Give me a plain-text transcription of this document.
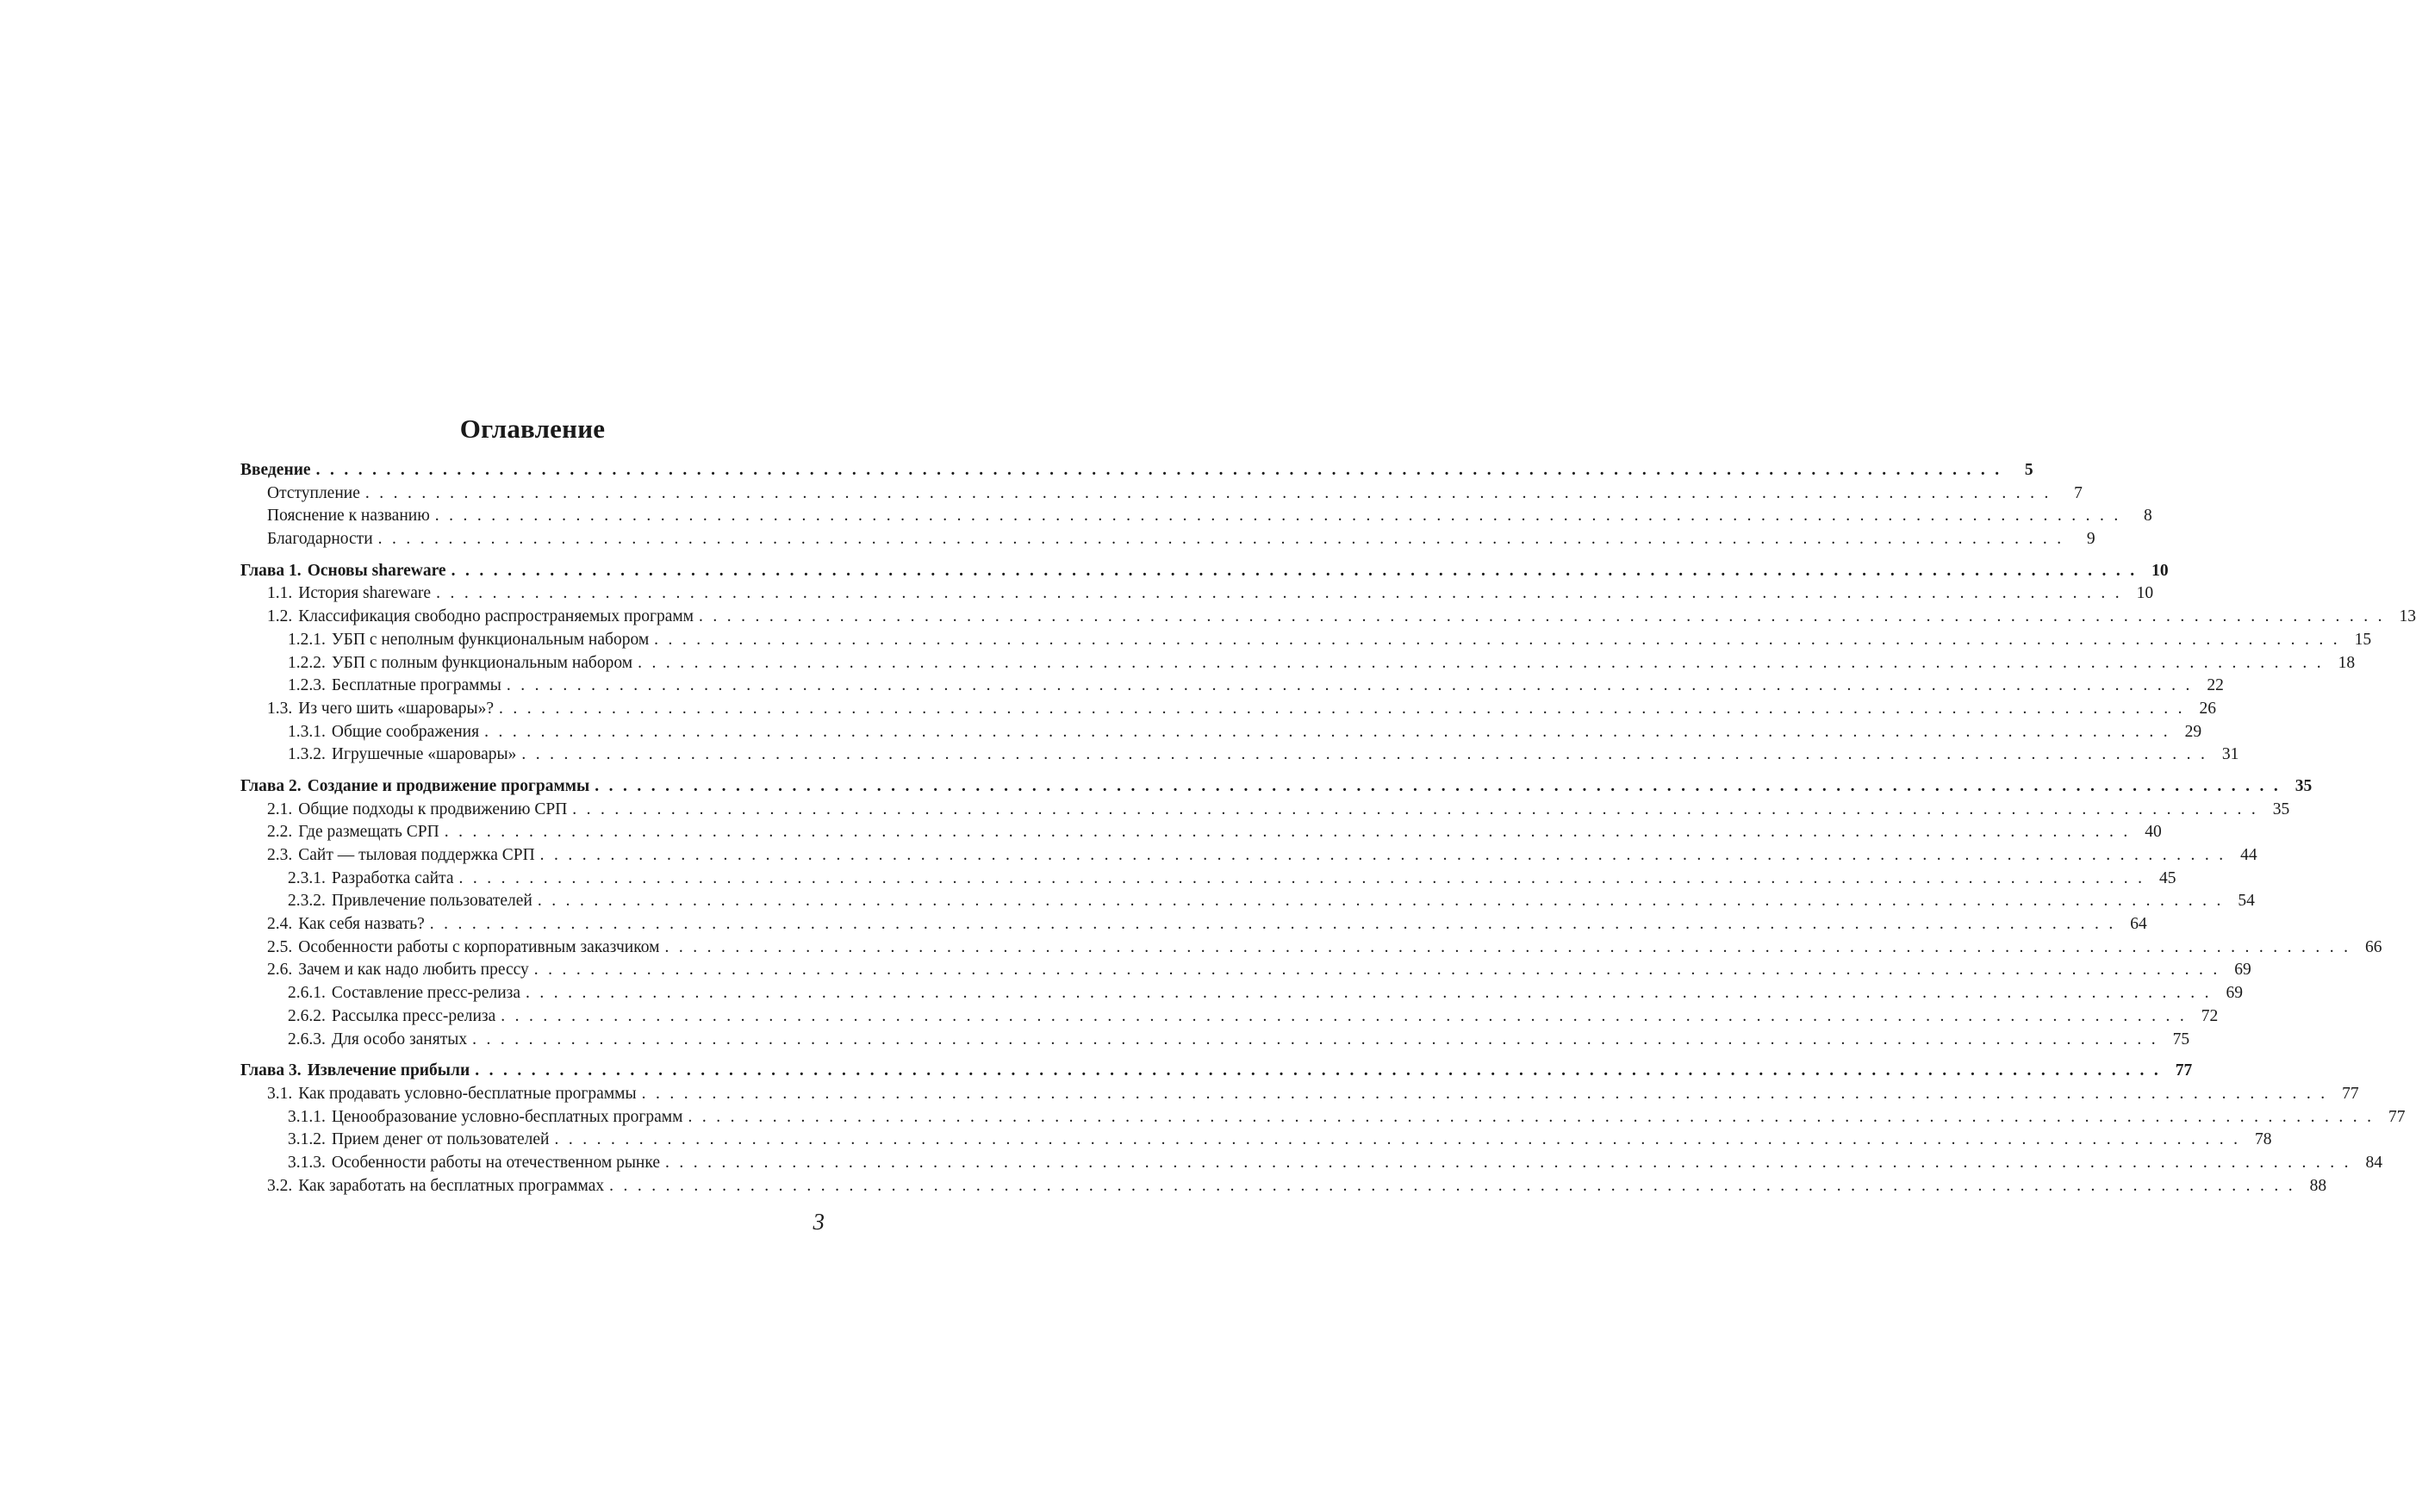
Оглавление
Введение ........................................................................................................................ 5
Отступление ........................................................................................................................ 7
Пояснение к названию ........................................................................................................................ 8
Благодарности ........................................................................................................................ 9
Глава 1. Основы shareware ........................................................................................................................ 10
1.1. История shareware ........................................................................................................................ 10
1.2. Классификация свободно распространяемых программ ........................................................................................................................ 13
1.2.1. УБП с неполным функциональным набором ........................................................................................................................ 15
1.2.2. УБП с полным функциональным набором ........................................................................................................................ 18
1.2.3. Бесплатные программы ........................................................................................................................ 22
1.3. Из чего шить «шаровары»? ........................................................................................................................ 26
1.3.1. Общие соображения ........................................................................................................................ 29
1.3.2. Игрушечные «шаровары» ........................................................................................................................ 31
Глава 2. Создание и продвижение программы ........................................................................................................................ 35
2.1. Общие подходы к продвижению СРП ........................................................................................................................ 35
2.2. Где размещать СРП ........................................................................................................................ 40
2.3. Сайт — тыловая поддержка СРП ........................................................................................................................ 44
2.3.1. Разработка сайта ........................................................................................................................ 45
2.3.2. Привлечение пользователей ........................................................................................................................ 54
2.4. Как себя назвать? ........................................................................................................................ 64
2.5. Особенности работы с корпоративным заказчиком ........................................................................................................................ 66
2.6. Зачем и как надо любить прессу ........................................................................................................................ 69
2.6.1. Составление пресс-релиза ........................................................................................................................ 69
2.6.2. Рассылка пресс-релиза ........................................................................................................................ 72
2.6.3. Для особо занятых ........................................................................................................................ 75
Глава 3. Извлечение прибыли ........................................................................................................................ 77
3.1. Как продавать условно-бесплатные программы ........................................................................................................................ 77
3.1.1. Ценообразование условно-бесплатных программ ........................................................................................................................ 77
3.1.2. Прием денег от пользователей ........................................................................................................................ 78
3.1.3. Особенности работы на отечественном рынке ........................................................................................................................ 84
3.2. Как заработать на бесплатных программах ........................................................................................................................ 88
3
